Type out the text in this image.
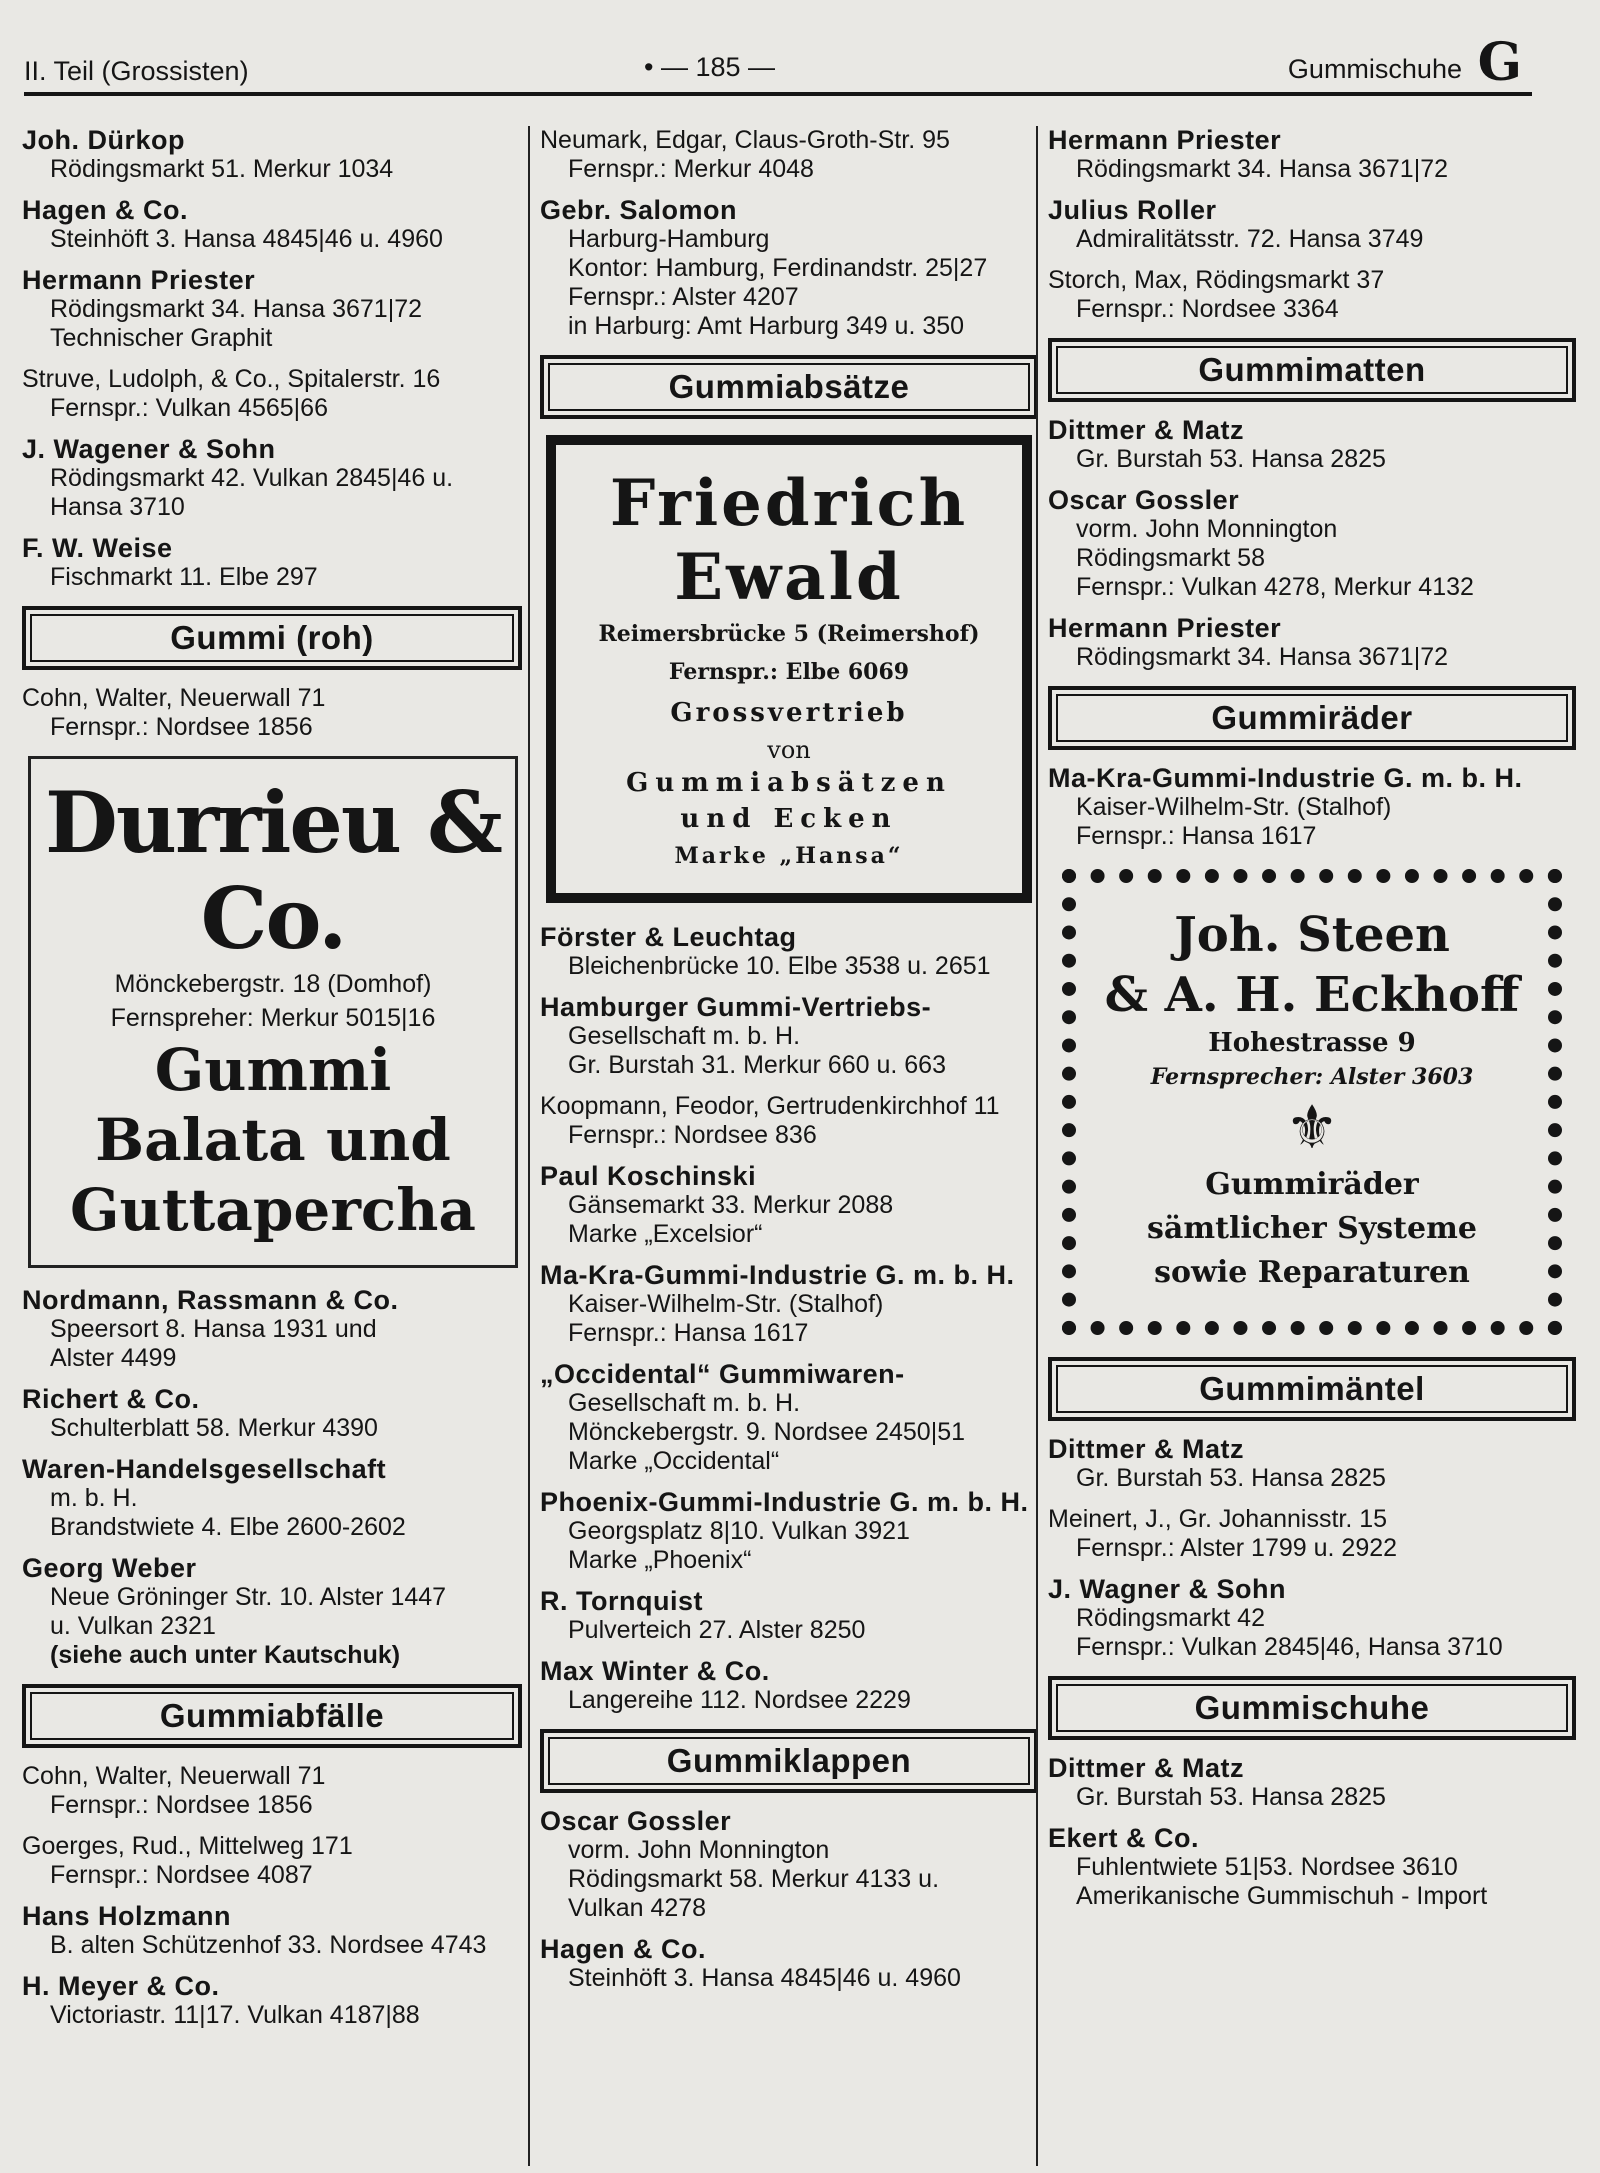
II. Teil (Grossisten)	• — 185 —	Gummischuhe G
Joh. Dürkop
Rödingsmarkt 51. Merkur 1034
Hagen & Co.
Steinhöft 3. Hansa 4845|46 u. 4960
Hermann Priester
Rödingsmarkt 34. Hansa 3671|72
Technischer Graphit
Struve, Ludolph, & Co., Spitalerstr. 16
Fernspr.: Vulkan 4565|66
J. Wagener & Sohn
Rödingsmarkt 42. Vulkan 2845|46 u.
Hansa 3710
F. W. Weise
Fischmarkt 11. Elbe 297
Gummi (roh)
Cohn, Walter, Neuerwall 71
Fernspr.: Nordsee 1856
Durrieu & Co.
Mönckebergstr. 18 (Domhof)
Fernspreher: Merkur 5015|16
Gummi
Balata und
Guttapercha
Nordmann, Rassmann & Co.
Speersort 8. Hansa 1931 und
Alster 4499
Richert & Co.
Schulterblatt 58. Merkur 4390
Waren-Handelsgesellschaft
m. b. H.
Brandstwiete 4. Elbe 2600-2602
Georg Weber
Neue Gröninger Str. 10. Alster 1447
u. Vulkan 2321
(siehe auch unter Kautschuk)
Gummiabfälle
Cohn, Walter, Neuerwall 71
Fernspr.: Nordsee 1856
Goerges, Rud., Mittelweg 171
Fernspr.: Nordsee 4087
Hans Holzmann
B. alten Schützenhof 33. Nordsee 4743
H. Meyer & Co.
Victoriastr. 11|17. Vulkan 4187|88
Neumark, Edgar, Claus-Groth-Str. 95
Fernspr.: Merkur 4048
Gebr. Salomon
Harburg-Hamburg
Kontor: Hamburg, Ferdinandstr. 25|27
Fernspr.: Alster 4207
in Harburg: Amt Harburg 349 u. 350
Gummiabsätze
Friedrich
Ewald
Reimersbrücke 5 (Reimershof)
Fernspr.: Elbe 6069
Grossvertrieb
von
Gummiabsätzen
und Ecken
Marke „Hansa“
Förster & Leuchtag
Bleichenbrücke 10. Elbe 3538 u. 2651
Hamburger Gummi-Vertriebs-
Gesellschaft m. b. H.
Gr. Burstah 31. Merkur 660 u. 663
Koopmann, Feodor, Gertrudenkirchhof 11
Fernspr.: Nordsee 836
Paul Koschinski
Gänsemarkt 33. Merkur 2088
Marke „Excelsior“
Ma-Kra-Gummi-Industrie G. m. b. H.
Kaiser-Wilhelm-Str. (Stalhof)
Fernspr.: Hansa 1617
„Occidental“ Gummiwaren-
Gesellschaft m. b. H.
Mönckebergstr. 9. Nordsee 2450|51
Marke „Occidental“
Phoenix-Gummi-Industrie G. m. b. H.
Georgsplatz 8|10. Vulkan 3921
Marke „Phoenix“
R. Tornquist
Pulverteich 27. Alster 8250
Max Winter & Co.
Langereihe 112. Nordsee 2229
Gummiklappen
Oscar Gossler
vorm. John Monnington
Rödingsmarkt 58. Merkur 4133 u.
Vulkan 4278
Hagen & Co.
Steinhöft 3. Hansa 4845|46 u. 4960
Hermann Priester
Rödingsmarkt 34. Hansa 3671|72
Julius Roller
Admiralitätsstr. 72. Hansa 3749
Storch, Max, Rödingsmarkt 37
Fernspr.: Nordsee 3364
Gummimatten
Dittmer & Matz
Gr. Burstah 53. Hansa 2825
Oscar Gossler
vorm. John Monnington
Rödingsmarkt 58
Fernspr.: Vulkan 4278, Merkur 4132
Hermann Priester
Rödingsmarkt 34. Hansa 3671|72
Gummiräder
Ma-Kra-Gummi-Industrie G. m. b. H.
Kaiser-Wilhelm-Str. (Stalhof)
Fernspr.: Hansa 1617
Joh. Steen
& A. H. Eckhoff
Hohestrasse 9
Fernsprecher: Alster 3603
⚜
Gummiräder
sämtlicher Systeme
sowie Reparaturen
Gummimäntel
Dittmer & Matz
Gr. Burstah 53. Hansa 2825
Meinert, J., Gr. Johannisstr. 15
Fernspr.: Alster 1799 u. 2922
J. Wagner & Sohn
Rödingsmarkt 42
Fernspr.: Vulkan 2845|46, Hansa 3710
Gummischuhe
Dittmer & Matz
Gr. Burstah 53. Hansa 2825
Ekert & Co.
Fuhlentwiete 51|53. Nordsee 3610
Amerikanische Gummischuh - Import
